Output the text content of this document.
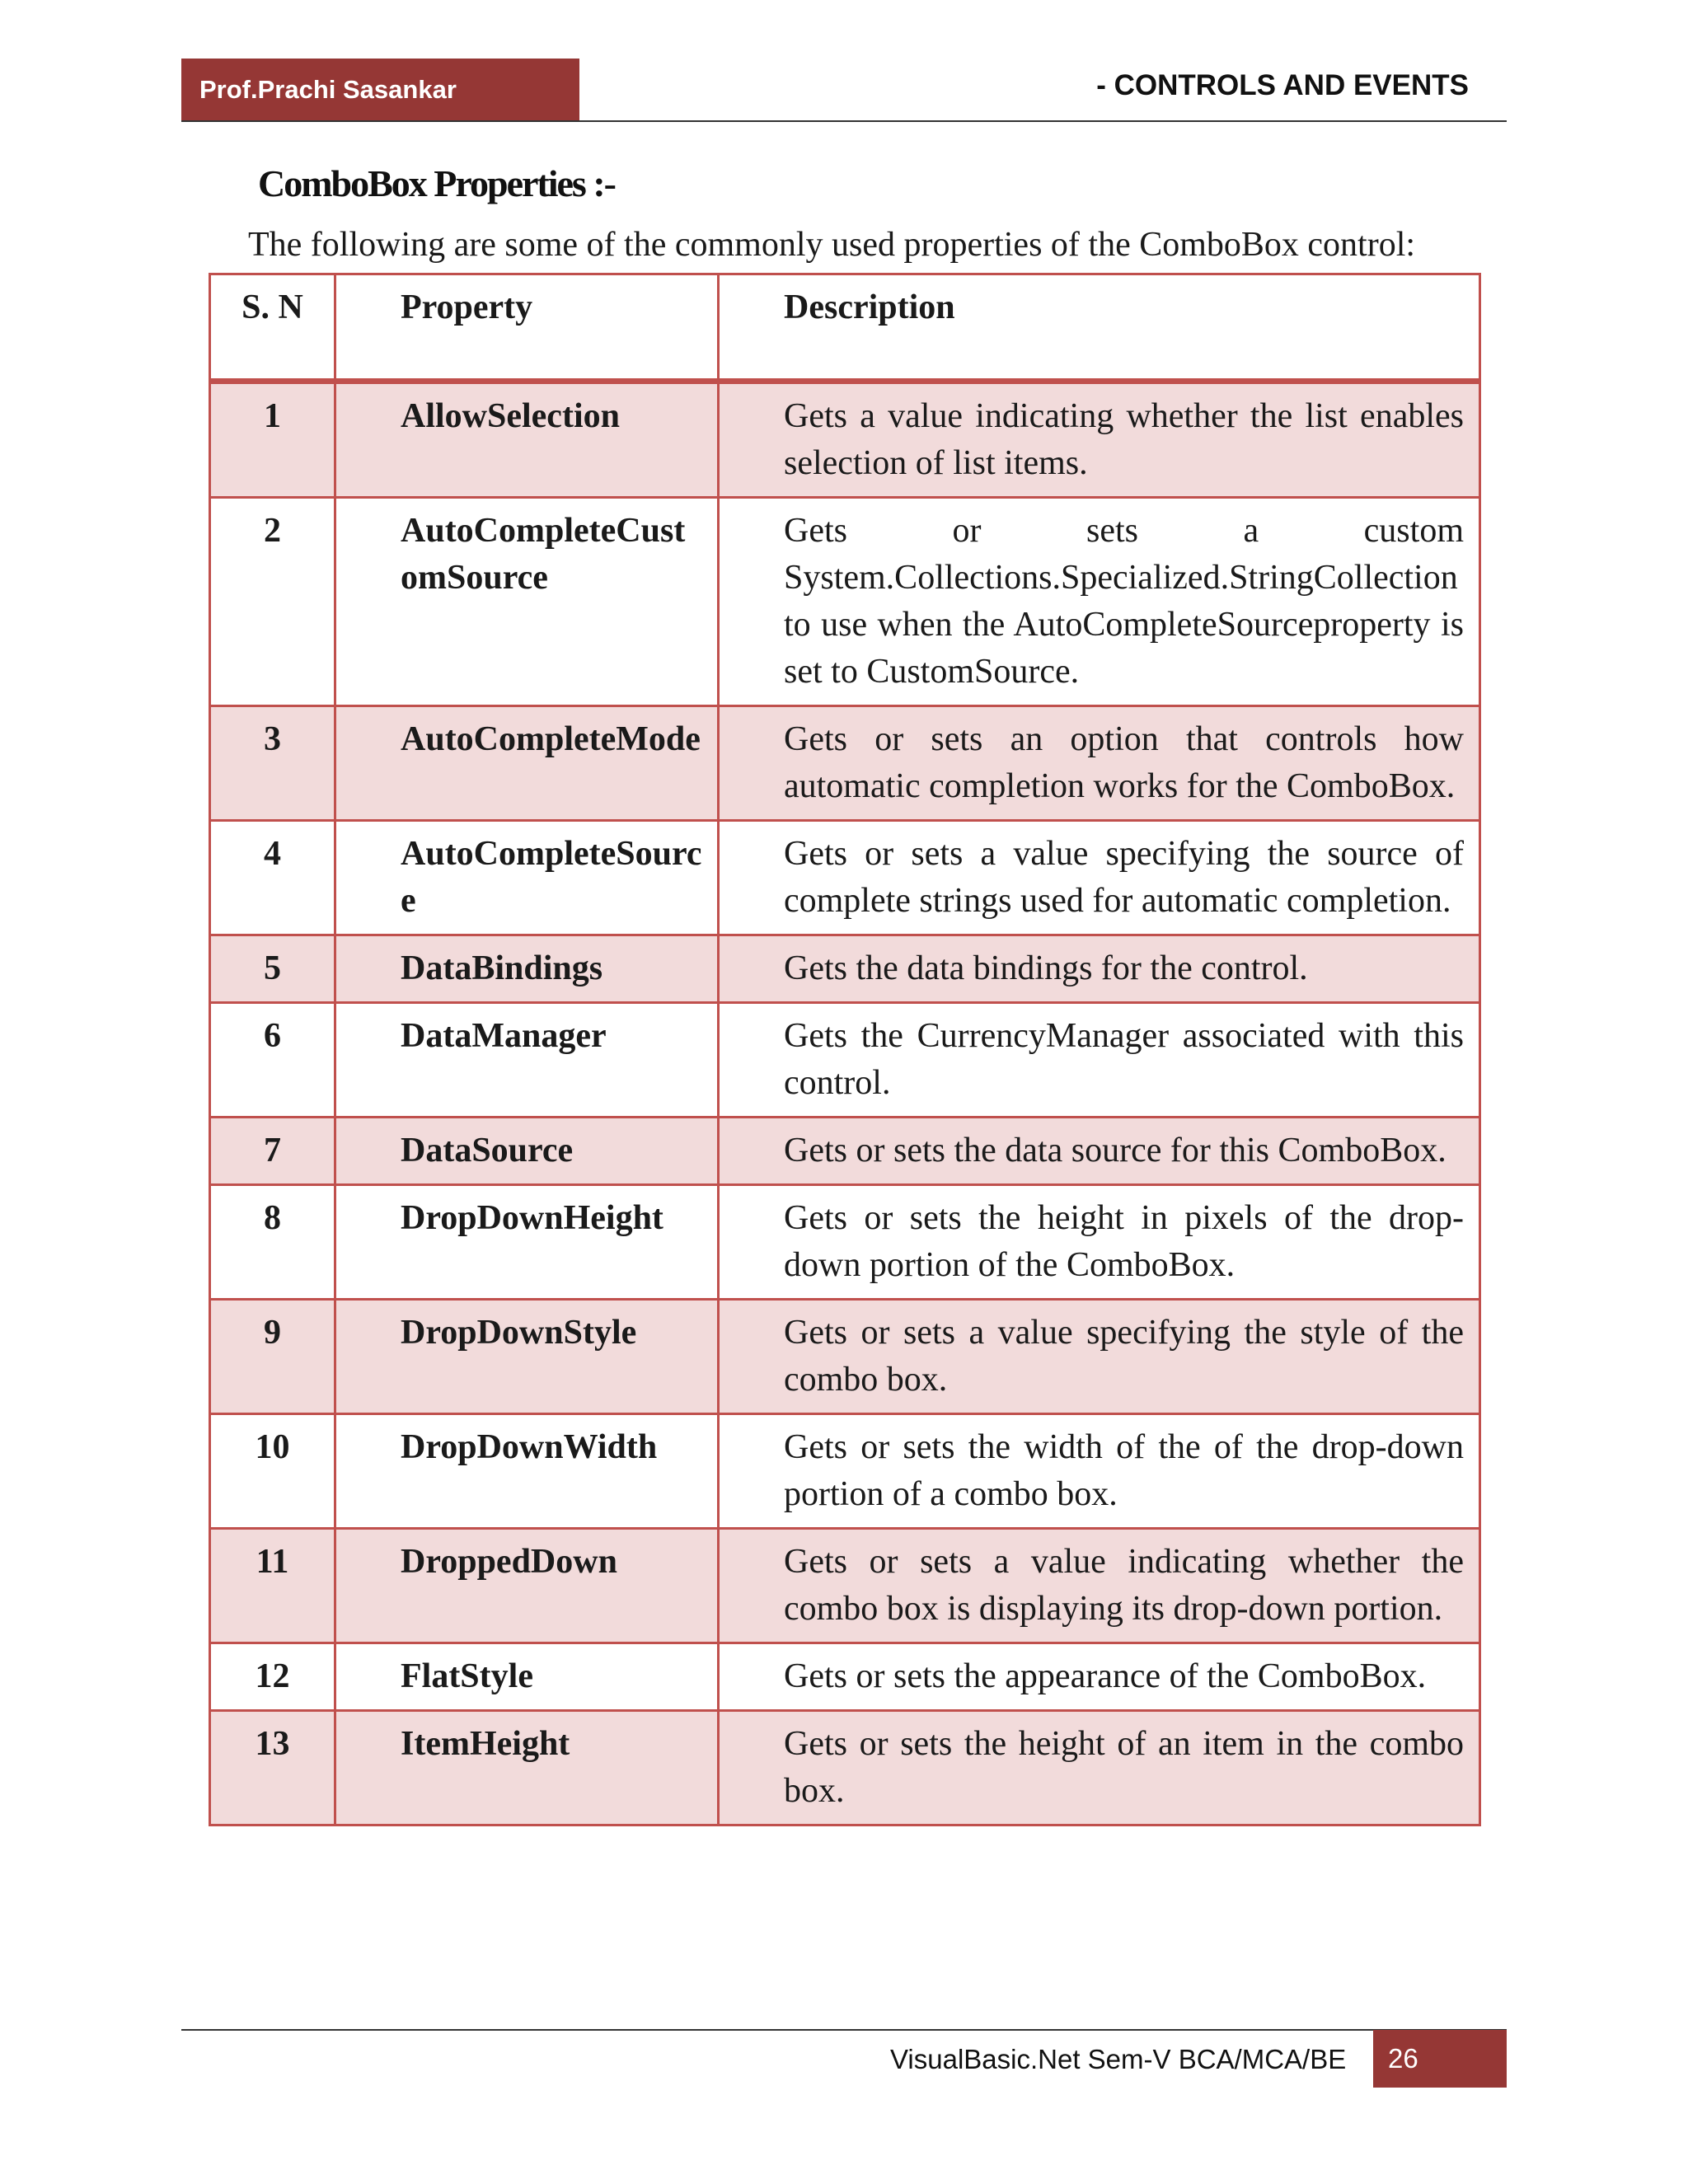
Prof.Prachi Sasankar	- CONTROLS AND EVENTS
ComboBox Properties :-
The following are some of the commonly used properties of the ComboBox control:
S. N	Property	Description
1	AllowSelection	Gets a value indicating whether the list enables selection of list items.
2	AutoCompleteCustomSource	Gets or sets a custom System.Collections.Specialized.StringCollection to use when the AutoCompleteSourceproperty is set to CustomSource.
3	AutoCompleteMode	Gets or sets an option that controls how automatic completion works for the ComboBox.
4	AutoCompleteSource	Gets or sets a value specifying the source of complete strings used for automatic completion.
5	DataBindings	Gets the data bindings for the control.
6	DataManager	Gets the CurrencyManager associated with this control.
7	DataSource	Gets or sets the data source for this ComboBox.
8	DropDownHeight	Gets or sets the height in pixels of the drop-down portion of the ComboBox.
9	DropDownStyle	Gets or sets a value specifying the style of the combo box.
10	DropDownWidth	Gets or sets the width of the of the drop-down portion of a combo box.
11	DroppedDown	Gets or sets a value indicating whether the combo box is displaying its drop-down portion.
12	FlatStyle	Gets or sets the appearance of the ComboBox.
13	ItemHeight	Gets or sets the height of an item in the combo box.
VisualBasic.Net Sem-V BCA/MCA/BE 26
